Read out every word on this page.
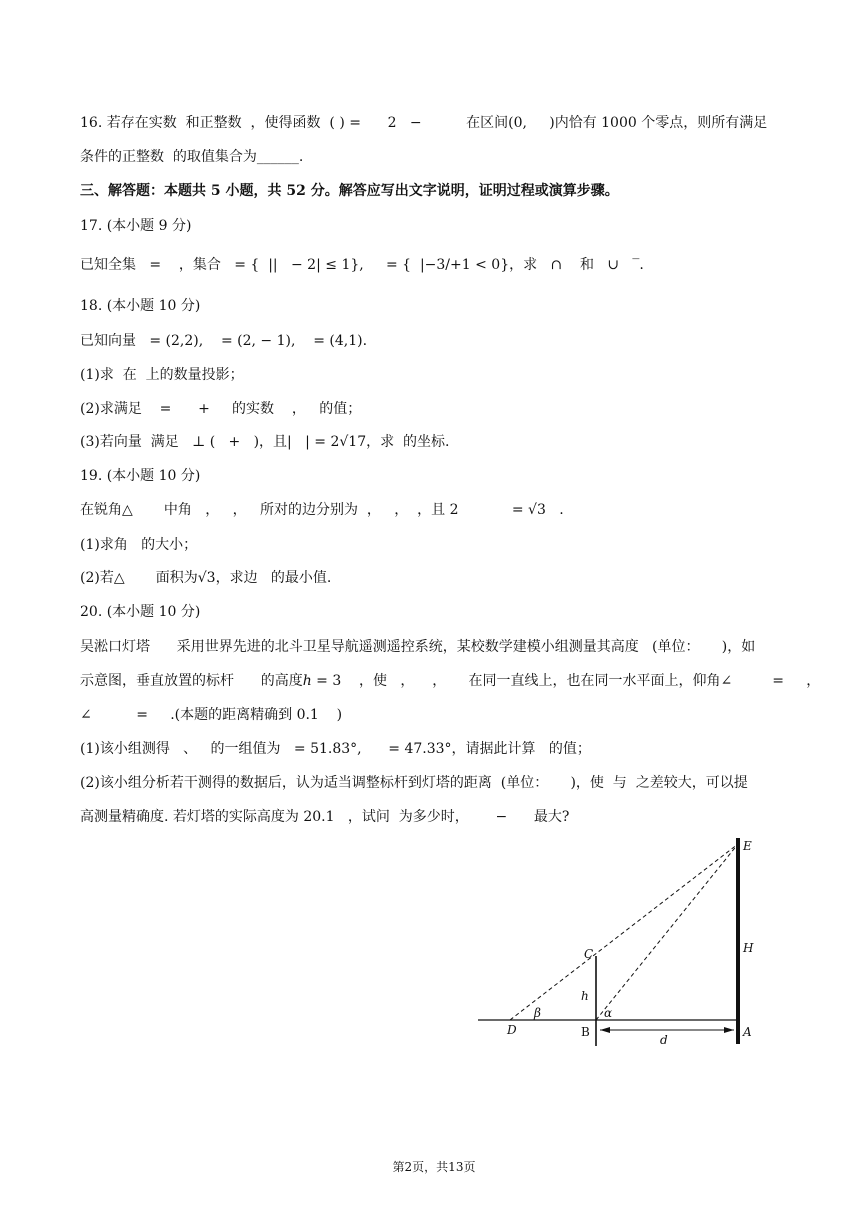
16. 若存在实数  和正整数  ，使得函数  ( ) =      2   −          在区间(0,     )内恰有 1000 个零点，则所有满足
条件的正整数  的取值集合为______.
三、解答题：本题共 5 小题，共 52 分。解答应写出文字说明，证明过程或演算步骤。
17. (本小题 9 分)
已知全集   =    ，集合   = {  ||   − 2| ≤ 1},     = {  |−3/+1 < 0}，求   ∩    和   ∪   ‾.
18. (本小题 10 分)
已知向量   = (2,2),    = (2, − 1),    = (4,1).
(1)求  在  上的数量投影；
(2)求满足    =      +     的实数    ，   的值；
(3)若向量  满足   ⊥ (   +   )，且|   | = 2√17，求  的坐标.
19. (本小题 10 分)
在锐角△       中角   ，   ，   所对的边分别为  ，   ，  ，且 2            = √3   .
(1)求角   的大小；
(2)若△       面积为√3，求边   的最小值.
20. (本小题 10 分)
吴淞口灯塔      采用世界先进的北斗卫星导航遥测遥控系统，某校数学建模小组测量其高度   (单位：     )，如
示意图，垂直放置的标杆      的高度ℎ = 3    ，使   ，    ，     在同一直线上，也在同一水平面上，仰角∠         =     ，
∠          =     .(本题的距离精确到 0.1    )
(1)该小组测得   、   的一组值为   = 51.83°,      = 47.33°，请据此计算   的值；
(2)该小组分析若干测得的数据后，认为适当调整标杆到灯塔的距离  (单位：     )，使  与  之差较大，可以提
高测量精确度. 若灯塔的实际高度为 20.1   ，试问  为多少时，      −      最大?
E
H
C
h
D
β
B
α
d
A
第2页，共13页
